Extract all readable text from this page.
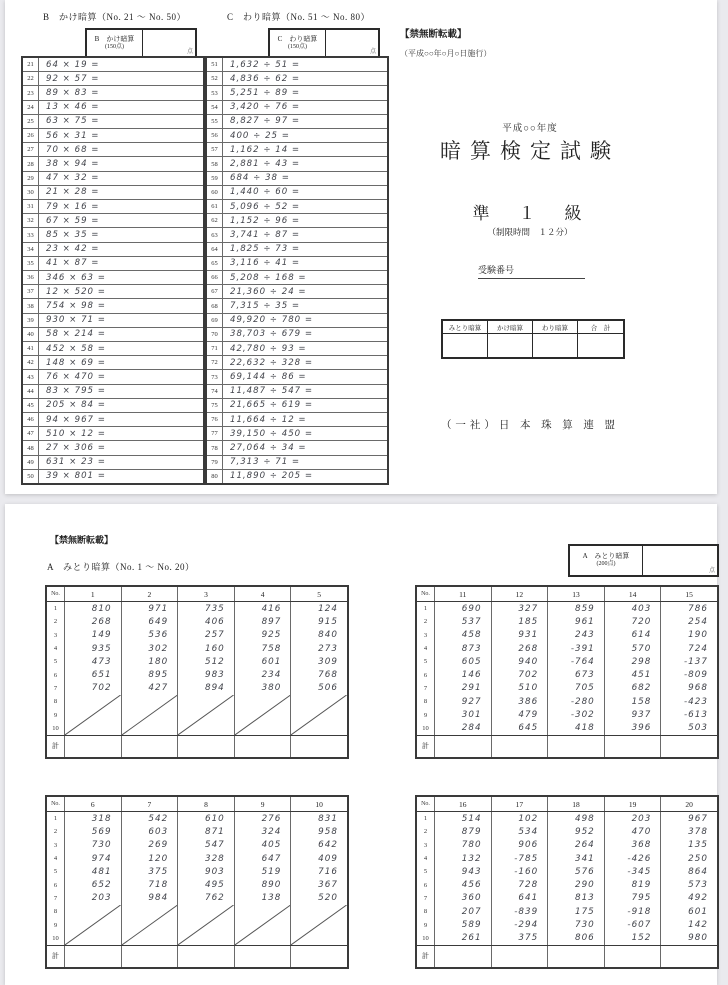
B　かけ暗算（No. 21 ～ No. 50）
B　かけ暗算
(150点)
点
21	64 × 19 =
22	92 × 57 =
23	89 × 83 =
24	13 × 46 =
25	63 × 75 =
26	56 × 31 =
27	70 × 68 =
28	38 × 94 =
29	47 × 32 =
30	21 × 28 =
31	79 × 16 =
32	67 × 59 =
33	85 × 35 =
34	23 × 42 =
35	41 × 87 =
36	346 × 63 =
37	12 × 520 =
38	754 × 98 =
39	930 × 71 =
40	58 × 214 =
41	452 × 58 =
42	148 × 69 =
43	76 × 470 =
44	83 × 795 =
45	205 × 84 =
46	94 × 967 =
47	510 × 12 =
48	27 × 306 =
49	631 × 23 =
50	39 × 801 =
C　わり暗算（No. 51 ～ No. 80）
C　わり暗算
(150点)
点
51	1,632 ÷ 51 =
52	4,836 ÷ 62 =
53	5,251 ÷ 89 =
54	3,420 ÷ 76 =
55	8,827 ÷ 97 =
56	400 ÷ 25 =
57	1,162 ÷ 14 =
58	2,881 ÷ 43 =
59	684 ÷ 38 =
60	1,440 ÷ 60 =
61	5,096 ÷ 52 =
62	1,152 ÷ 96 =
63	3,741 ÷ 87 =
64	1,825 ÷ 73 =
65	3,116 ÷ 41 =
66	5,208 ÷ 168 =
67	21,360 ÷ 24 =
68	7,315 ÷ 35 =
69	49,920 ÷ 780 =
70	38,703 ÷ 679 =
71	42,780 ÷ 93 =
72	22,632 ÷ 328 =
73	69,144 ÷ 86 =
74	11,487 ÷ 547 =
75	21,665 ÷ 619 =
76	11,664 ÷ 12 =
77	39,150 ÷ 450 =
78	27,064 ÷ 34 =
79	7,313 ÷ 71 =
80	11,890 ÷ 205 =
【禁無断転載】
（平成○○年○月○日施行）
平成○○年度
暗算検定試験
準　１　級
（制限時間　１２分）
受験番号
みとり暗算	かけ暗算	わり暗算	合　計
（一社）日 本 珠 算 連 盟
【禁無断転載】
A　みとり暗算（No. 1 ～ No. 20）
A　みとり暗算
(200点)
点
No.	1	2	3	4	5
1	810	971	735	416	124
2	268	649	406	897	915
3	149	536	257	925	840
4	935	302	160	758	273
5	473	180	512	601	309
6	651	895	983	234	768
7	702	427	894	380	506
8
9
10
計
No.	11	12	13	14	15
1	690	327	859	403	786
2	537	185	961	720	254
3	458	931	243	614	190
4	873	268	-391	570	724
5	605	940	-764	298	-137
6	146	702	673	451	-809
7	291	510	705	682	968
8	927	386	-280	158	-423
9	301	479	-302	937	-613
10	284	645	418	396	503
計
No.	6	7	8	9	10
1	318	542	610	276	831
2	569	603	871	324	958
3	730	269	547	405	642
4	974	120	328	647	409
5	481	375	903	519	716
6	652	718	495	890	367
7	203	984	762	138	520
8
9
10
計
No.	16	17	18	19	20
1	514	102	498	203	967
2	879	534	952	470	378
3	780	906	264	368	135
4	132	-785	341	-426	250
5	943	-160	576	-345	864
6	456	728	290	819	573
7	360	641	813	795	492
8	207	-839	175	-918	601
9	589	-294	730	-607	142
10	261	375	806	152	980
計
